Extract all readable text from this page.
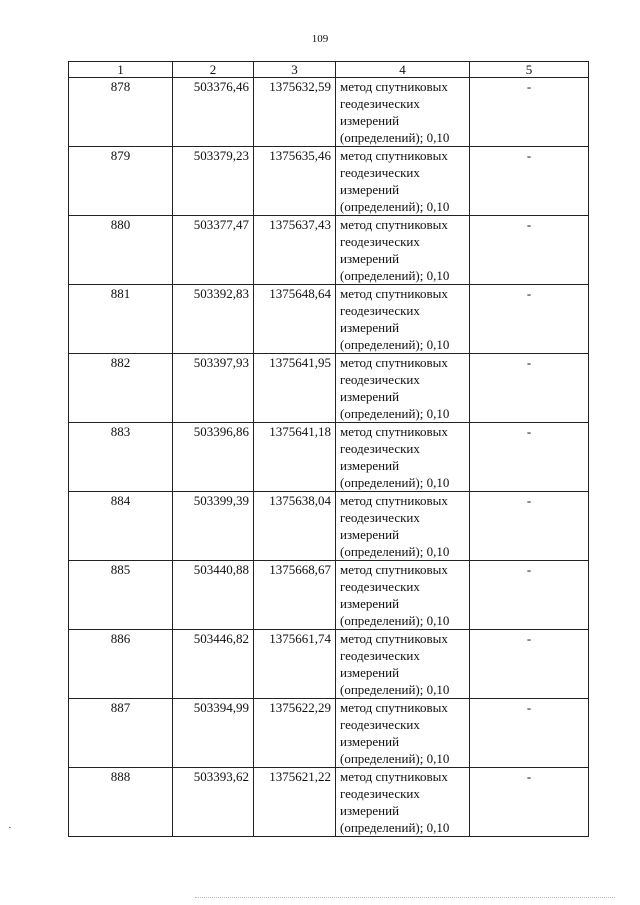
109
1	2	3	4	5
878	503376,46	1375632,59	метод спутниковых
геодезических
измерений
(определений); 0,10	-
879	503379,23	1375635,46	метод спутниковых
геодезических
измерений
(определений); 0,10	-
880	503377,47	1375637,43	метод спутниковых
геодезических
измерений
(определений); 0,10	-
881	503392,83	1375648,64	метод спутниковых
геодезических
измерений
(определений); 0,10	-
882	503397,93	1375641,95	метод спутниковых
геодезических
измерений
(определений); 0,10	-
883	503396,86	1375641,18	метод спутниковых
геодезических
измерений
(определений); 0,10	-
884	503399,39	1375638,04	метод спутниковых
геодезических
измерений
(определений); 0,10	-
885	503440,88	1375668,67	метод спутниковых
геодезических
измерений
(определений); 0,10	-
886	503446,82	1375661,74	метод спутниковых
геодезических
измерений
(определений); 0,10	-
887	503394,99	1375622,29	метод спутниковых
геодезических
измерений
(определений); 0,10	-
888	503393,62	1375621,22	метод спутниковых
геодезических
измерений
(определений); 0,10	-
·
